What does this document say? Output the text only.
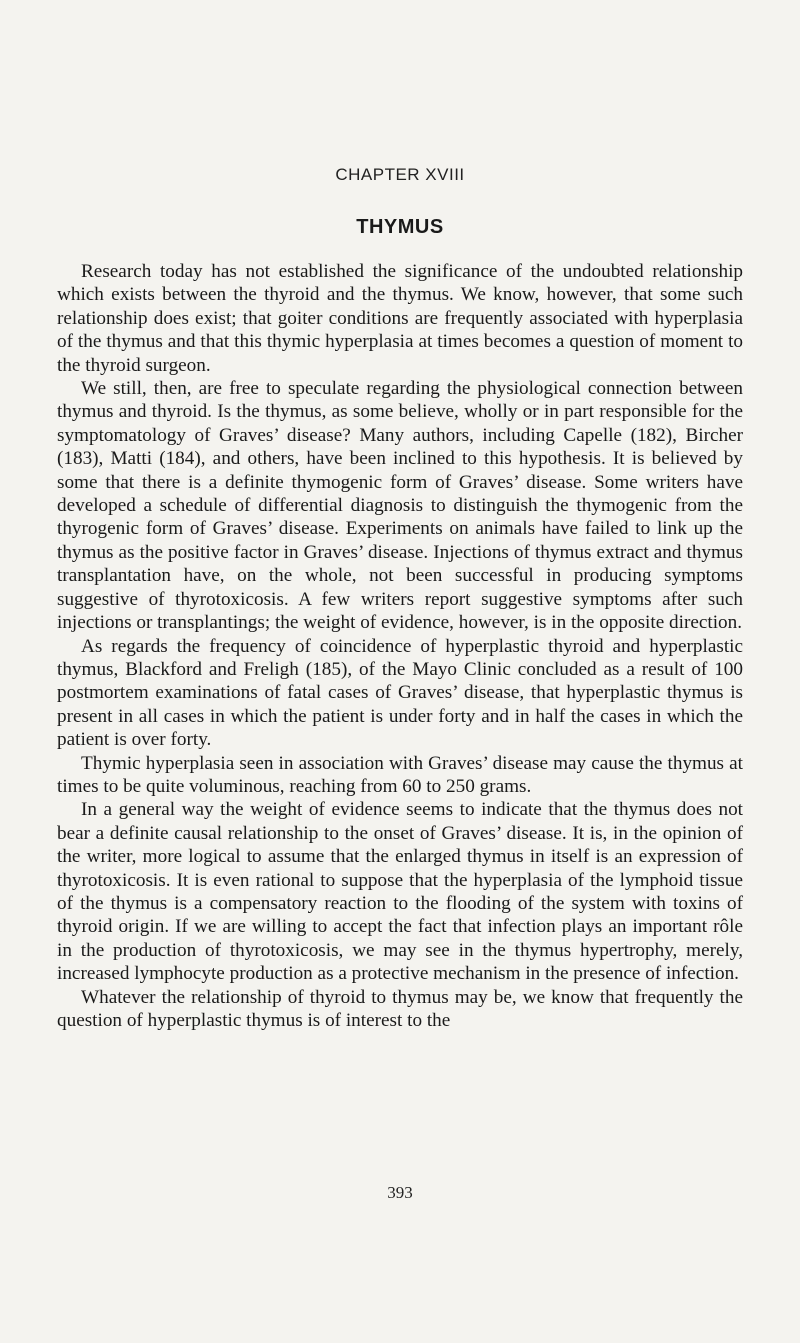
CHAPTER XVIII
THYMUS

Research today has not established the significance of the undoubted relationship which exists between the thyroid and the thymus. We know, however, that some such relationship does exist; that goiter conditions are frequently associated with hyperplasia of the thymus and that this thymic hyperplasia at times becomes a question of moment to the thyroid surgeon.

We still, then, are free to speculate regarding the physiological connection between thymus and thyroid. Is the thymus, as some believe, wholly or in part responsible for the symptomatology of Graves’ disease? Many authors, including Capelle (182), Bircher (183), Matti (184), and others, have been inclined to this hypothesis. It is believed by some that there is a definite thymogenic form of Graves’ disease. Some writers have developed a schedule of differential diagnosis to distinguish the thymogenic from the thyrogenic form of Graves’ disease. Experiments on animals have failed to link up the thymus as the positive factor in Graves’ disease. Injections of thymus extract and thymus transplantation have, on the whole, not been successful in producing symptoms suggestive of thyrotoxicosis. A few writers report suggestive symptoms after such injections or transplantings; the weight of evidence, however, is in the opposite direction.

As regards the frequency of coincidence of hyperplastic thyroid and hyperplastic thymus, Blackford and Freligh (185), of the Mayo Clinic concluded as a result of 100 postmortem examinations of fatal cases of Graves’ disease, that hyperplastic thymus is present in all cases in which the patient is under forty and in half the cases in which the patient is over forty.

Thymic hyperplasia seen in association with Graves’ disease may cause the thymus at times to be quite voluminous, reaching from 60 to 250 grams.

In a general way the weight of evidence seems to indicate that the thymus does not bear a definite causal relationship to the onset of Graves’ disease. It is, in the opinion of the writer, more logical to assume that the enlarged thymus in itself is an expression of thyrotoxicosis. It is even rational to suppose that the hyperplasia of the lymphoid tissue of the thymus is a compensatory reaction to the flooding of the system with toxins of thyroid origin. If we are willing to accept the fact that infection plays an important rôle in the production of thyrotoxicosis, we may see in the thymus hypertrophy, merely, increased lymphocyte production as a protective mechanism in the presence of infection.

Whatever the relationship of thyroid to thymus may be, we know that frequently the question of hyperplastic thymus is of interest to the

393
